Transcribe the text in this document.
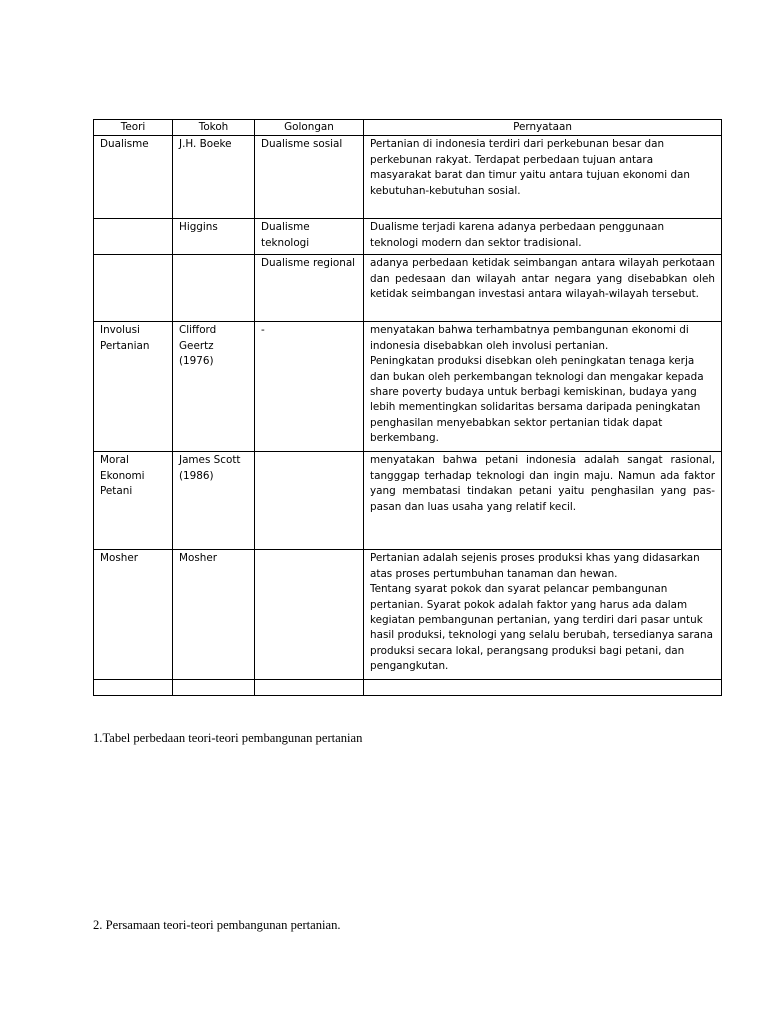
Teori	Tokoh	Golongan	Pernyataan
Dualisme	J.H. Boeke	Dualisme sosial	Pertanian di indonesia terdiri dari perkebunan besar dan perkebunan rakyat. Terdapat perbedaan tujuan antara masyarakat barat dan timur yaitu antara tujuan ekonomi dan kebutuhan-kebutuhan sosial.
	Higgins	Dualisme teknologi	Dualisme terjadi karena adanya perbedaan penggunaan teknologi modern dan sektor tradisional.
		Dualisme regional	adanya perbedaan ketidak seimbangan antara wilayah perkotaan dan pedesaan dan wilayah antar negara yang disebabkan oleh ketidak seimbangan investasi antara wilayah-wilayah tersebut.
Involusi Pertanian	Clifford Geertz (1976)	-	menyatakan bahwa terhambatnya pembangunan ekonomi di indonesia disebabkan oleh involusi pertanian.
Peningkatan produksi disebkan oleh peningkatan tenaga kerja dan bukan oleh perkembangan teknologi dan mengakar kepada share poverty budaya untuk berbagi kemiskinan, budaya yang lebih mementingkan solidaritas bersama daripada peningkatan penghasilan menyebabkan sektor pertanian tidak dapat berkembang.

Moral Ekonomi Petani	James Scott (1986)		menyatakan bahwa petani indonesia adalah sangat rasional, tangggap terhadap teknologi dan ingin maju. Namun ada faktor yang membatasi tindakan petani yaitu penghasilan yang pas-pasan dan luas usaha yang relatif kecil.
Mosher	Mosher		Pertanian adalah sejenis proses produksi khas yang didasarkan atas proses pertumbuhan tanaman dan hewan.
Tentang syarat pokok dan syarat pelancar pembangunan pertanian. Syarat pokok adalah faktor yang harus ada dalam kegiatan pembangunan pertanian, yang terdiri dari pasar untuk hasil produksi, teknologi yang selalu berubah, tersedianya sarana produksi secara lokal, perangsang produksi bagi petani, dan pengangkutan.

1.Tabel perbedaan teori-teori pembangunan pertanian
2. Persamaan teori-teori pembangunan pertanian.
